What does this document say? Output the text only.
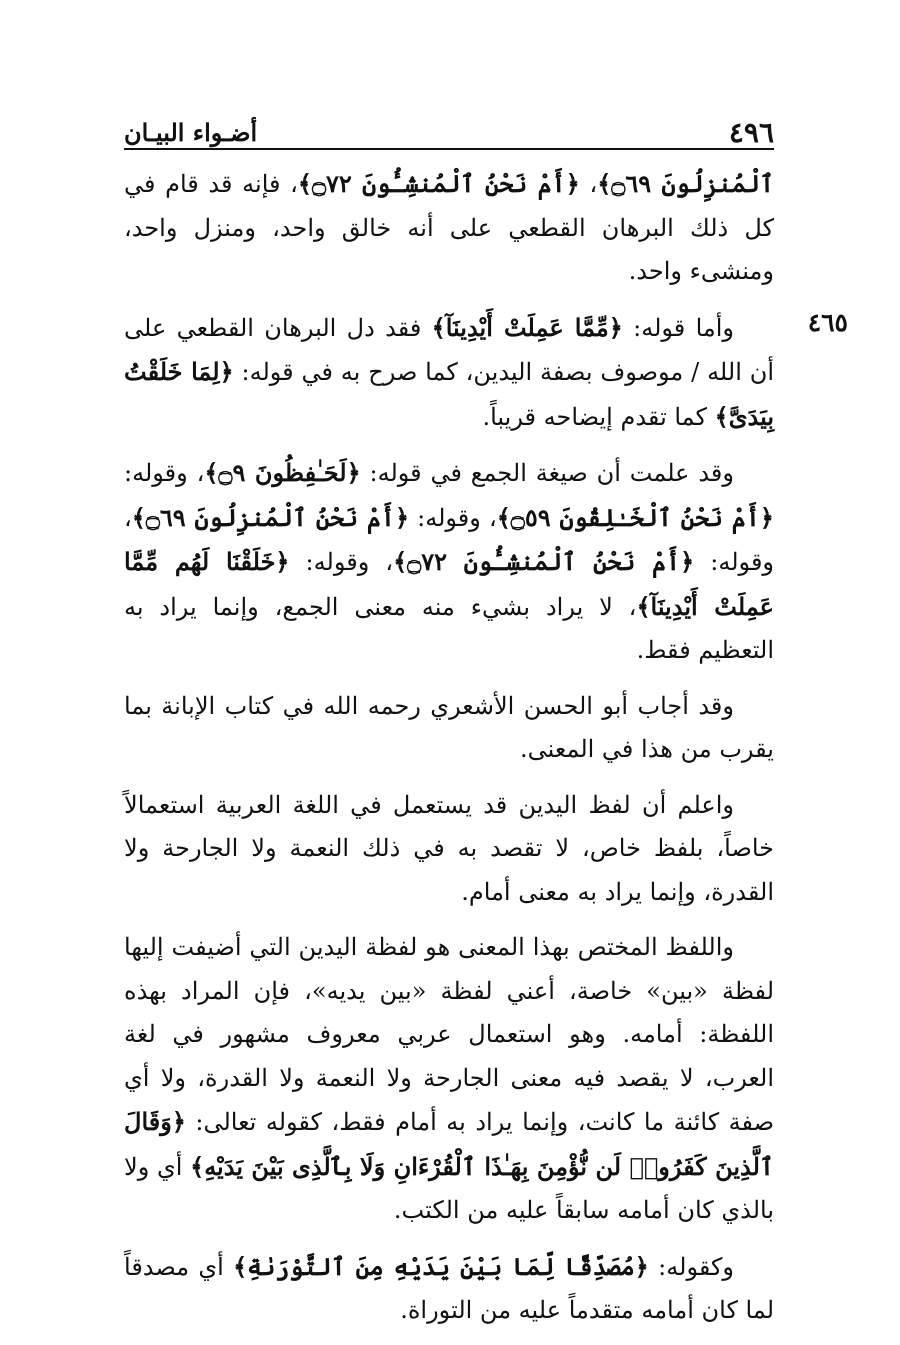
٤٩٦
أضـواء البيـان
٤٦٥

ٱلْمُنزِلُونَ ۝٦٩﴾، ﴿أَمْ نَحْنُ ٱلْمُنشِـُٔونَ ۝٧٢﴾، فإنه قد قام في كل ذلك البرهان القطعي على أنه خالق واحد، ومنزل واحد، ومنشىء واحد.

وأما قوله: ﴿مِّمَّا عَمِلَتْ أَيْدِينَآ﴾ فقد دل البرهان القطعي على أن الله / موصوف بصفة اليدين، كما صرح به في قوله: ﴿لِمَا خَلَقْتُ بِيَدَىَّ﴾ كما تقدم إيضاحه قريباً.

وقد علمت أن صيغة الجمع في قوله: ﴿لَحَـٰفِظُونَ ۝٩﴾، وقوله: ﴿أَمْ نَحْنُ ٱلْخَـٰلِقُونَ ۝٥٩﴾، وقوله: ﴿أَمْ نَحْنُ ٱلْمُنزِلُونَ ۝٦٩﴾، وقوله: ﴿أَمْ نَحْنُ ٱلْمُنشِـُٔونَ ۝٧٢﴾، وقوله: ﴿خَلَقْنَا لَهُم مِّمَّا عَمِلَتْ أَيْدِينَآ﴾، لا يراد بشيء منه معنى الجمع، وإنما يراد به التعظيم فقط.

وقد أجاب أبو الحسن الأشعري رحمه الله في كتاب الإبانة بما يقرب من هذا في المعنى.

واعلم أن لفظ اليدين قد يستعمل في اللغة العربية استعمالاً خاصاً، بلفظ خاص، لا تقصد به في ذلك النعمة ولا الجارحة ولا القدرة، وإنما يراد به معنى أمام.

واللفظ المختص بهذا المعنى هو لفظة اليدين التي أضيفت إليها لفظة «بين» خاصة، أعني لفظة «بين يديه»، فإن المراد بهذه اللفظة: أمامه. وهو استعمال عربي معروف مشهور في لغة العرب، لا يقصد فيه معنى الجارحة ولا النعمة ولا القدرة، ولا أي صفة كائنة ما كانت، وإنما يراد به أمام فقط، كقوله تعالى: ﴿وَقَالَ ٱلَّذِينَ كَفَرُوا۟ لَن نُّؤْمِنَ بِهَـٰذَا ٱلْقُرْءَانِ وَلَا بِٱلَّذِى بَيْنَ يَدَيْهِ﴾ أي ولا بالذي كان أمامه سابقاً عليه من الكتب.

وكقوله: ﴿مُصَدِّقًا لِّمَا بَيْنَ يَدَيْهِ مِنَ ٱلتَّوْرَىٰةِ﴾ أي مصدقاً لما كان أمامه متقدماً عليه من التوراة.
